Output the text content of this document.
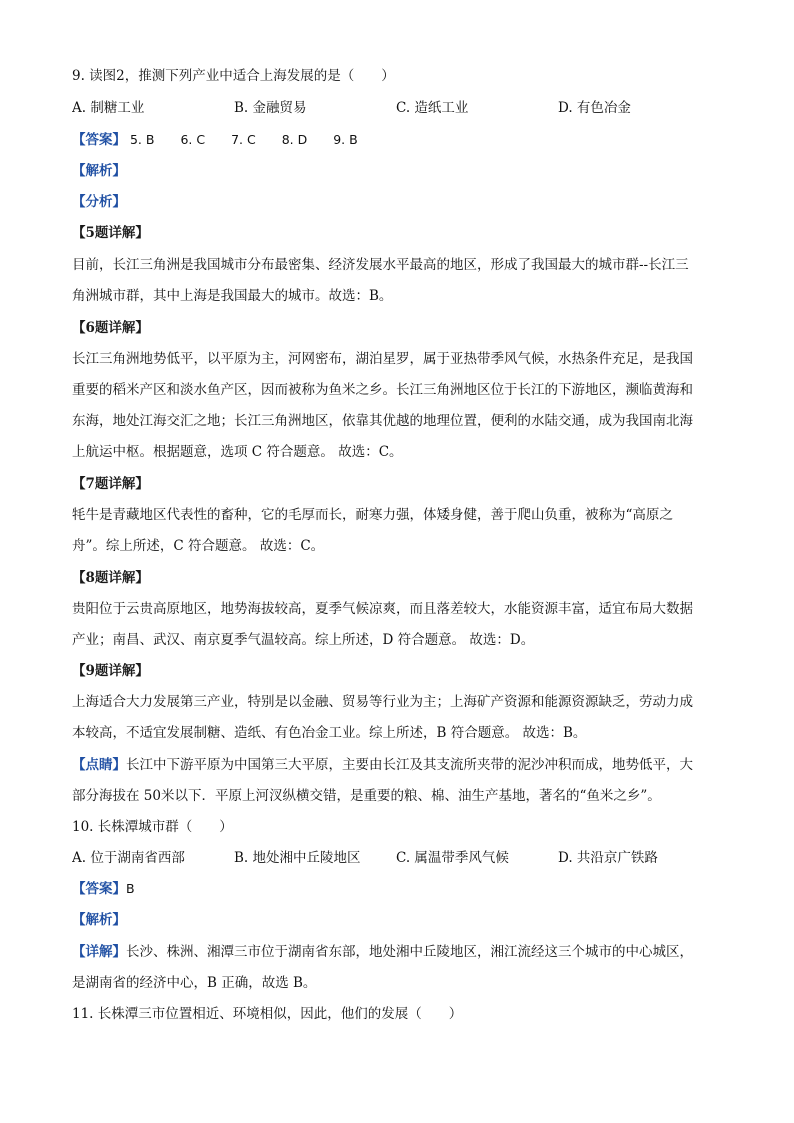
9. 读图2，推测下列产业中适合上海发展的是（　　）
A. 制糖工业	B. 金融贸易	C. 造纸工业	D. 有色冶金
【答案】 5. B 6. C 7. C 8. D 9. B
【解析】
【分析】
【5题详解】
目前，长江三角洲是我国城市分布最密集、经济发展水平最高的地区，形成了我国最大的城市群--长江三
角洲城市群，其中上海是我国最大的城市。故选：B。
【6题详解】
长江三角洲地势低平，以平原为主，河网密布，湖泊星罗，属于亚热带季风气候，水热条件充足，是我国
重要的稻米产区和淡水鱼产区，因而被称为鱼米之乡。长江三角洲地区位于长江的下游地区，濒临黄海和
东海，地处江海交汇之地；长江三角洲地区，依靠其优越的地理位置，便利的水陆交通，成为我国南北海
上航运中枢。根据题意，选项 C 符合题意。 故选：C。
【7题详解】
牦牛是青藏地区代表性的畜种，它的毛厚而长，耐寒力强，体矮身健，善于爬山负重，被称为“高原之
舟”。综上所述，C 符合题意。 故选：C。
【8题详解】
贵阳位于云贵高原地区，地势海拔较高，夏季气候凉爽，而且落差较大，水能资源丰富，适宜布局大数据
产业；南昌、武汉、南京夏季气温较高。综上所述，D 符合题意。 故选：D。
【9题详解】
上海适合大力发展第三产业，特别是以金融、贸易等行业为主；上海矿产资源和能源资源缺乏，劳动力成
本较高，不适宜发展制糖、造纸、有色冶金工业。综上所述，B 符合题意。 故选：B。
【点睛】长江中下游平原为中国第三大平原，主要由长江及其支流所夹带的泥沙冲积而成，地势低平，大
部分海拔在 50米以下．平原上河汊纵横交错，是重要的粮、棉、油生产基地，著名的“鱼米之乡”。
10. 长株潭城市群（　　）
A. 位于湖南省西部	B. 地处湘中丘陵地区	C. 属温带季风气候	D. 共沿京广铁路
【答案】B
【解析】
【详解】长沙、株洲、湘潭三市位于湖南省东部，地处湘中丘陵地区，湘江流经这三个城市的中心城区，
是湖南省的经济中心，B 正确，故选 B。
11. 长株潭三市位置相近、环境相似，因此，他们的发展（　　）
